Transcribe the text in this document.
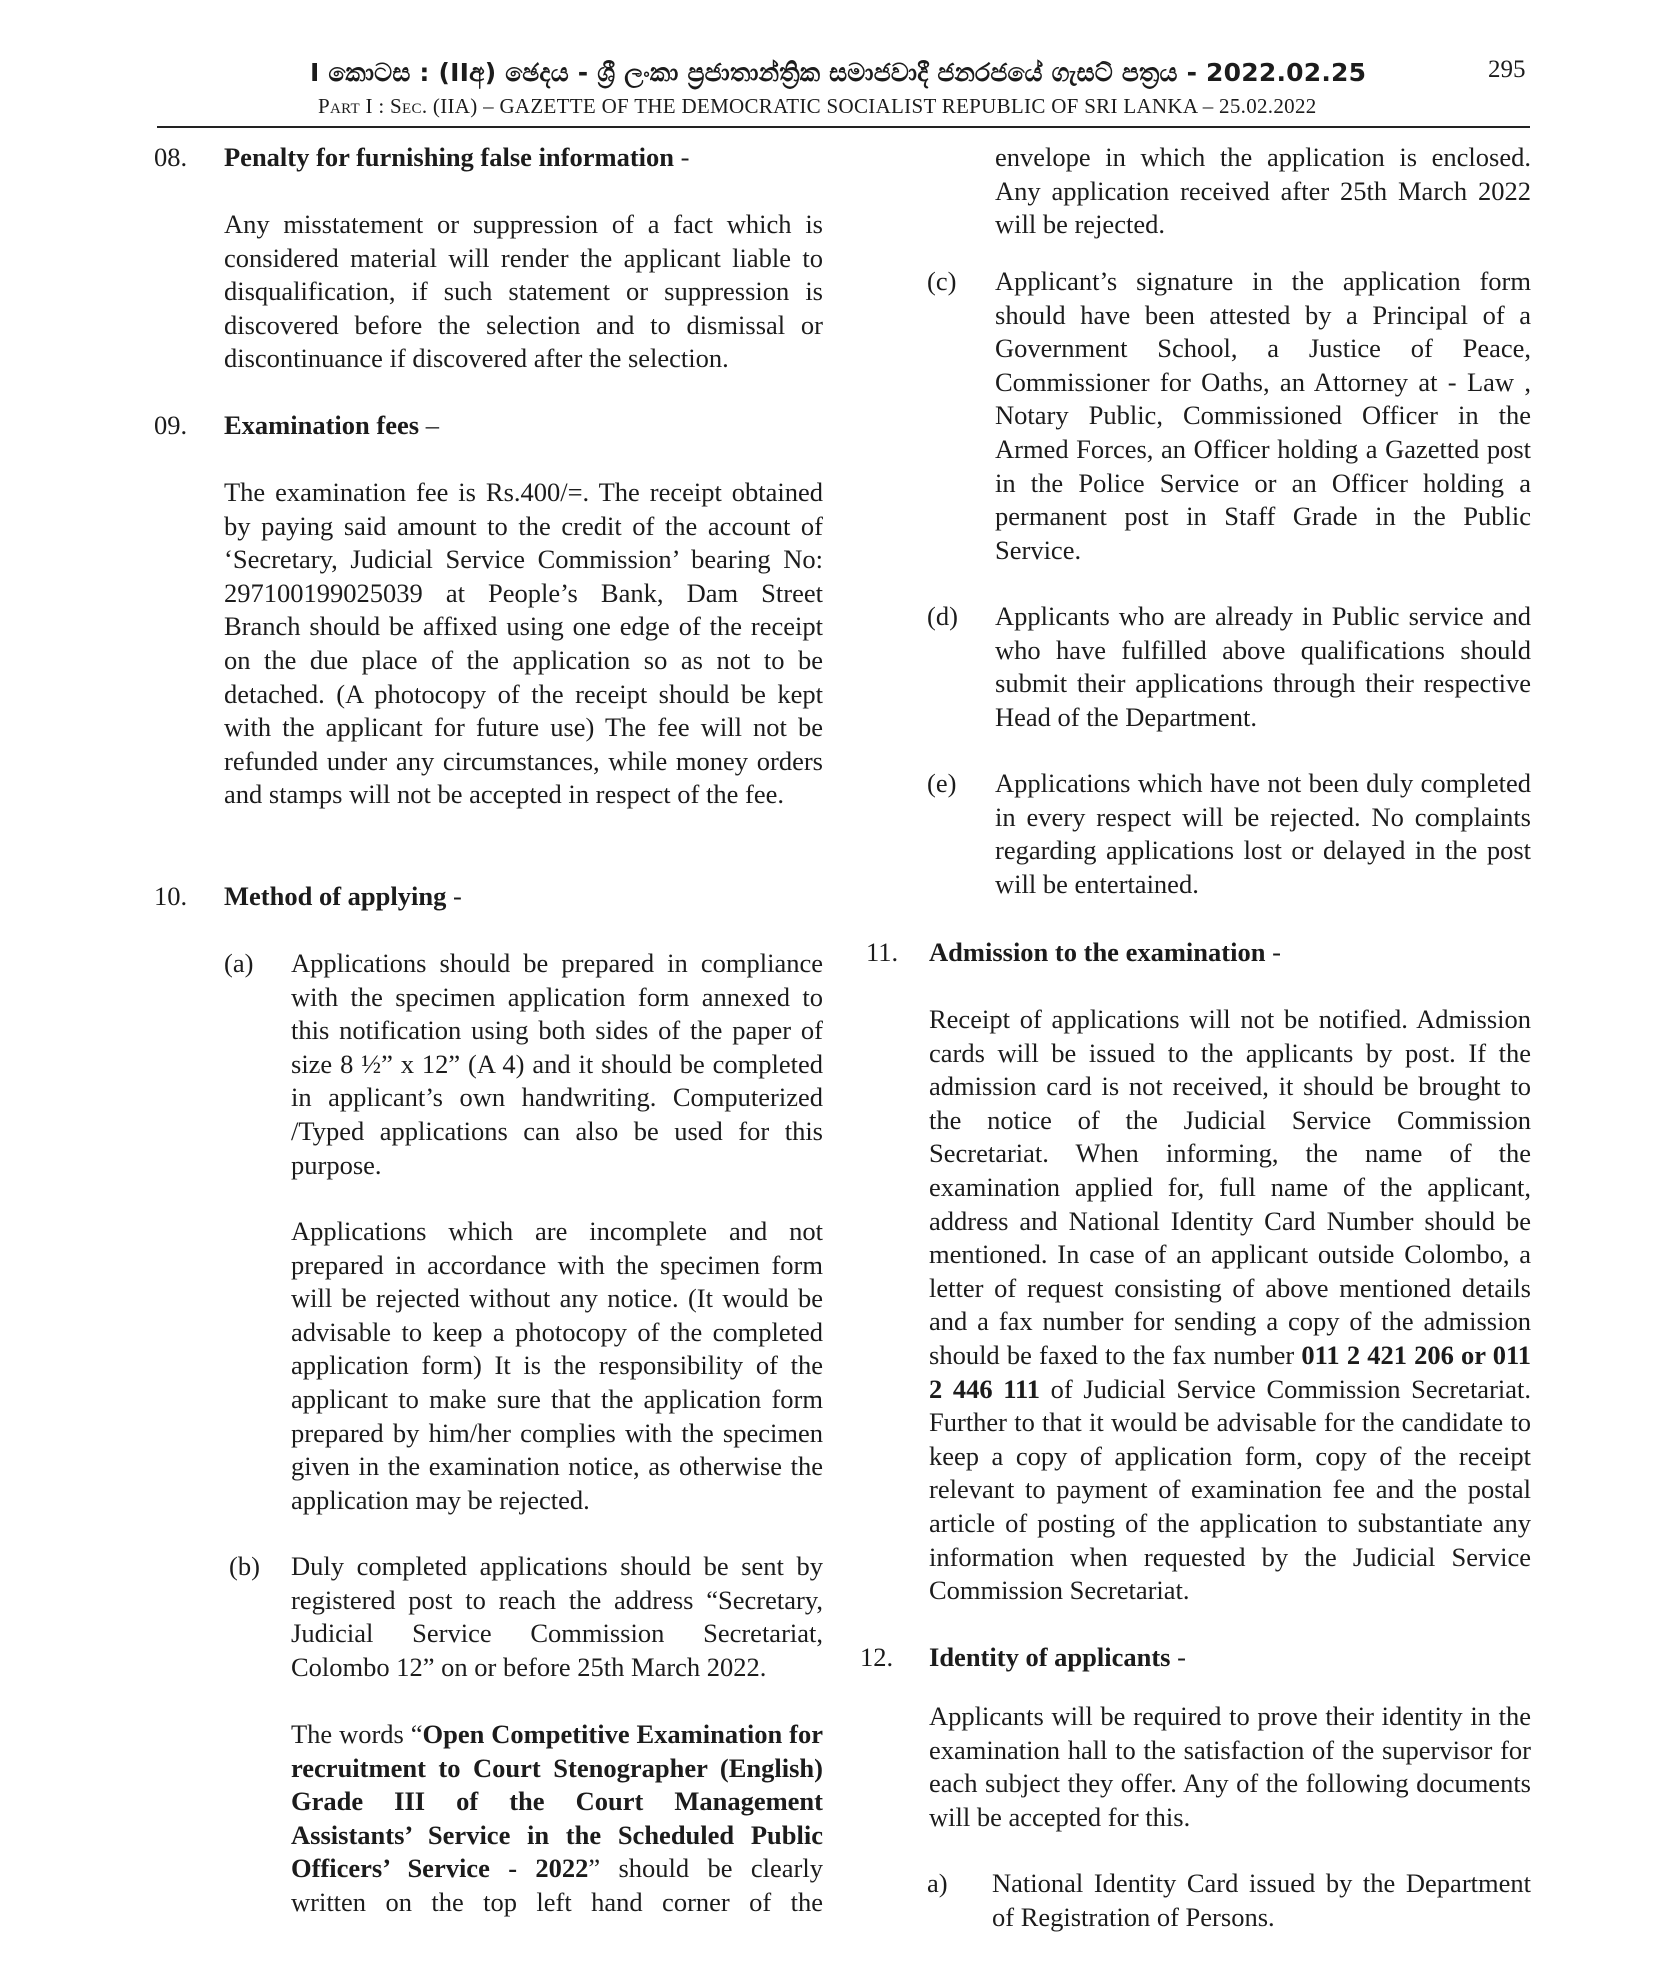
I කොටස : (IIඅ) ඡෙදය - ශ්‍රී ලංකා ප්‍රජාතාන්ත්‍රික සමාජවාදී ජනරජයේ ගැසට් පත්‍රය - 2022.02.25	295
PART I : SEC. (IIA) – GAZETTE OF THE DEMOCRATIC SOCIALIST REPUBLIC OF SRI LANKA – 25.02.2022
08. Penalty for furnishing false information -
Any misstatement or suppression of a fact which is considered material will render the applicant liable to disqualification, if such statement or suppression is discovered before the selection and to dismissal or discontinuance if discovered after the selection.
09. Examination fees –
The examination fee is Rs.400/=. The receipt obtained by paying said amount to the credit of the account of ‘Secretary, Judicial Service Commission’ bearing No: 297100199025039 at People’s Bank, Dam Street Branch should be affixed using one edge of the receipt on the due place of the application so as not to be detached. (A photocopy of the receipt should be kept with the applicant for future use) The fee will not be refunded under any circumstances, while money orders and stamps will not be accepted in respect of the fee.
10. Method of applying -
(a) Applications should be prepared in compliance with the specimen application form annexed to this notification using both sides of the paper of size 8 ½” x 12” (A 4) and it should be completed in applicant’s own handwriting. Computerized /Typed applications can also be used for this purpose.
Applications which are incomplete and not prepared in accordance with the specimen form will be rejected without any notice. (It would be advisable to keep a photocopy of the completed application form) It is the responsibility of the applicant to make sure that the application form prepared by him/her complies with the specimen given in the examination notice, as otherwise the application may be rejected.
(b) Duly completed applications should be sent by registered post to reach the address “Secretary, Judicial Service Commission Secretariat, Colombo 12” on or before 25th March 2022.
The words “Open Competitive Examination for recruitment to Court Stenographer (English) Grade III of the Court Management Assistants’ Service in the Scheduled Public Officers’ Service - 2022” should be clearly written on the top left hand corner of the
envelope in which the application is enclosed. Any application received after 25th March 2022 will be rejected.
(c) Applicant’s signature in the application form should have been attested by a Principal of a Government School, a Justice of Peace, Commissioner for Oaths, an Attorney at - Law , Notary Public, Commissioned Officer in the Armed Forces, an Officer holding a Gazetted post in the Police Service or an Officer holding a permanent post in Staff Grade in the Public Service.
(d) Applicants who are already in Public service and who have fulfilled above qualifications should submit their applications through their respective Head of the Department.
(e) Applications which have not been duly completed in every respect will be rejected. No complaints regarding applications lost or delayed in the post will be entertained.
11. Admission to the examination -
Receipt of applications will not be notified. Admission cards will be issued to the applicants by post. If the admission card is not received, it should be brought to the notice of the Judicial Service Commission Secretariat. When informing, the name of the examination applied for, full name of the applicant, address and National Identity Card Number should be mentioned. In case of an applicant outside Colombo, a letter of request consisting of above mentioned details and a fax number for sending a copy of the admission should be faxed to the fax number 011 2 421 206 or 011 2 446 111 of Judicial Service Commission Secretariat. Further to that it would be advisable for the candidate to keep a copy of application form, copy of the receipt relevant to payment of examination fee and the postal article of posting of the application to substantiate any information when requested by the Judicial Service Commission Secretariat.
12. Identity of applicants -
Applicants will be required to prove their identity in the examination hall to the satisfaction of the supervisor for each subject they offer. Any of the following documents will be accepted for this.
a) National Identity Card issued by the Department of Registration of Persons.
